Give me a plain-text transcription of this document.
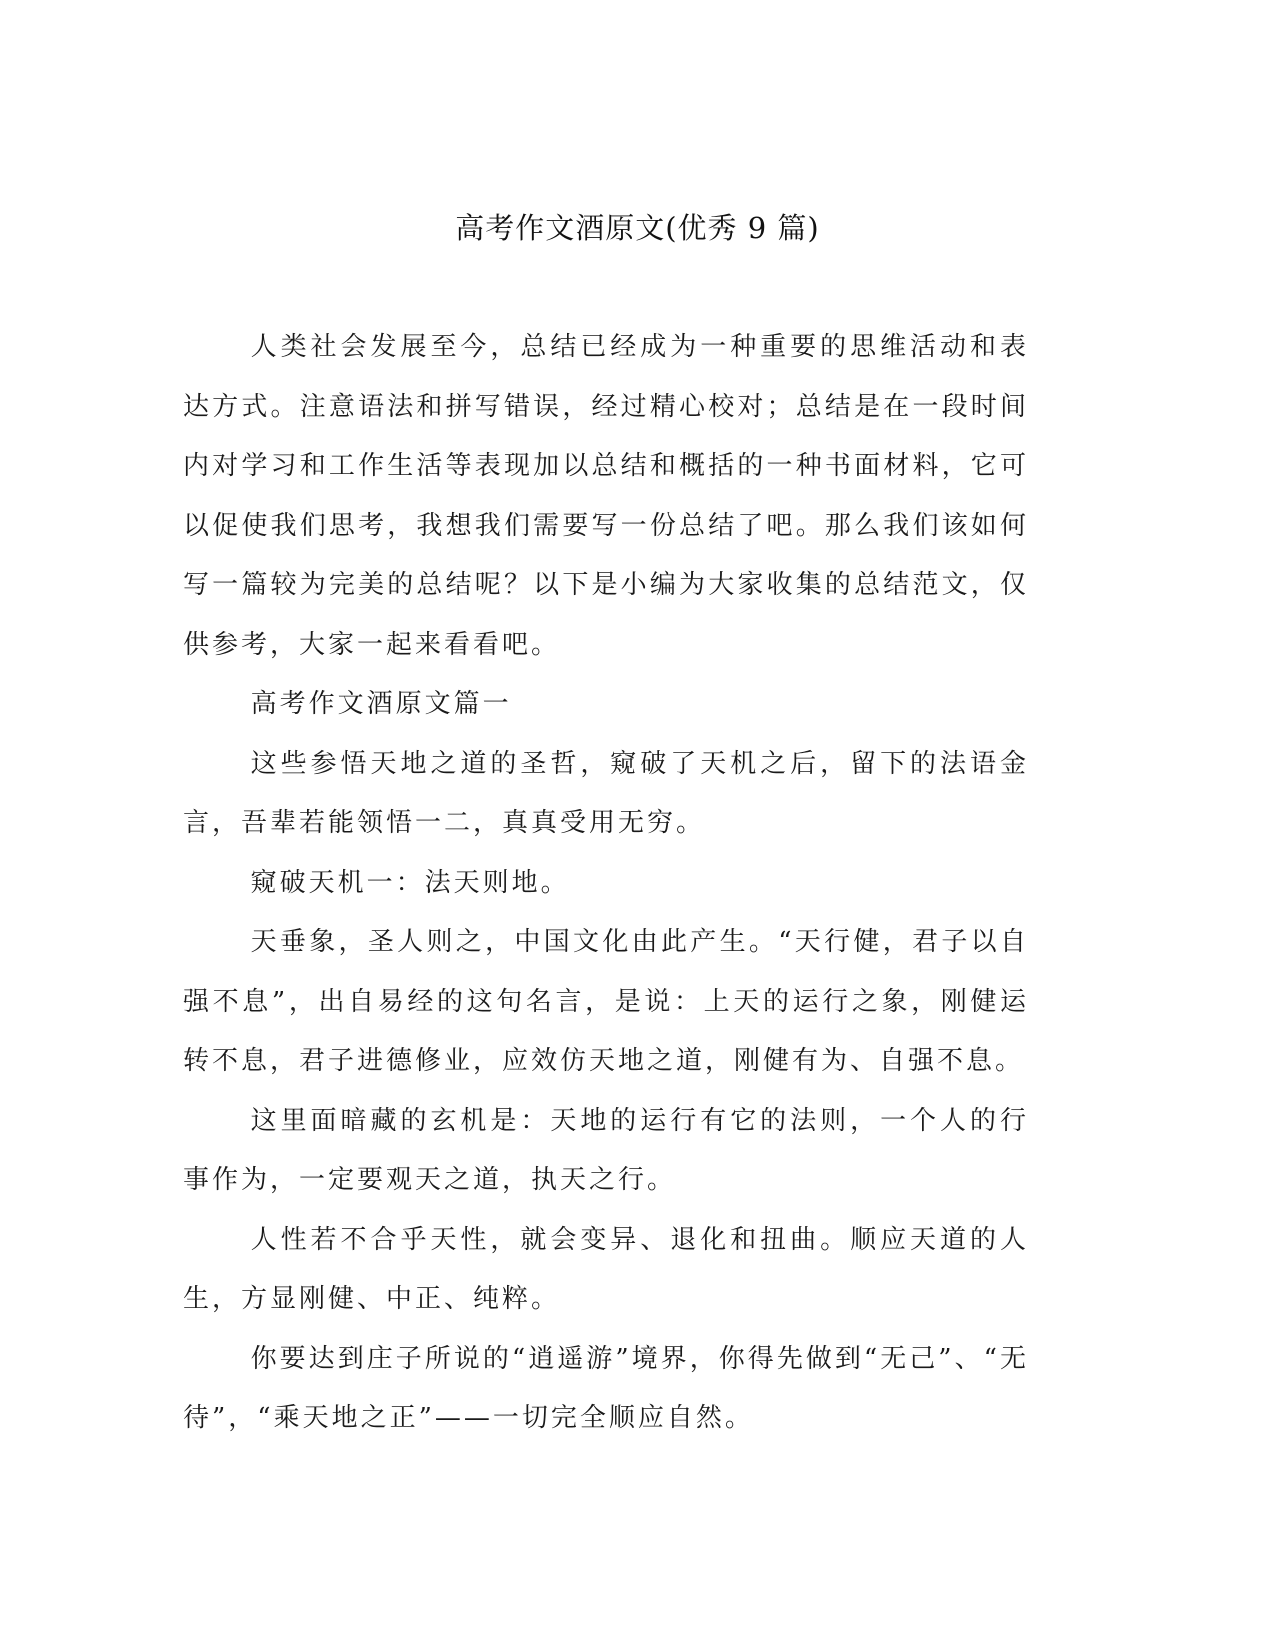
高考作文酒原文(优秀 9 篇)

人类社会发展至今，总结已经成为一种重要的思维活动和表达方式。注意语法和拼写错误，经过精心校对；总结是在一段时间内对学习和工作生活等表现加以总结和概括的一种书面材料，它可以促使我们思考，我想我们需要写一份总结了吧。那么我们该如何写一篇较为完美的总结呢？以下是小编为大家收集的总结范文，仅供参考，大家一起来看看吧。

高考作文酒原文篇一

这些参悟天地之道的圣哲，窥破了天机之后，留下的法语金言，吾辈若能领悟一二，真真受用无穷。

窥破天机一：法天则地。

天垂象，圣人则之，中国文化由此产生。“天行健，君子以自强不息”，出自易经的这句名言，是说：上天的运行之象，刚健运转不息，君子进德修业，应效仿天地之道，刚健有为、自强不息。

这里面暗藏的玄机是：天地的运行有它的法则，一个人的行事作为，一定要观天之道，执天之行。

人性若不合乎天性，就会变异、退化和扭曲。顺应天道的人生，方显刚健、中正、纯粹。

你要达到庄子所说的“逍遥游”境界，你得先做到“无己”、“无待”，“乘天地之正”——一切完全顺应自然。
